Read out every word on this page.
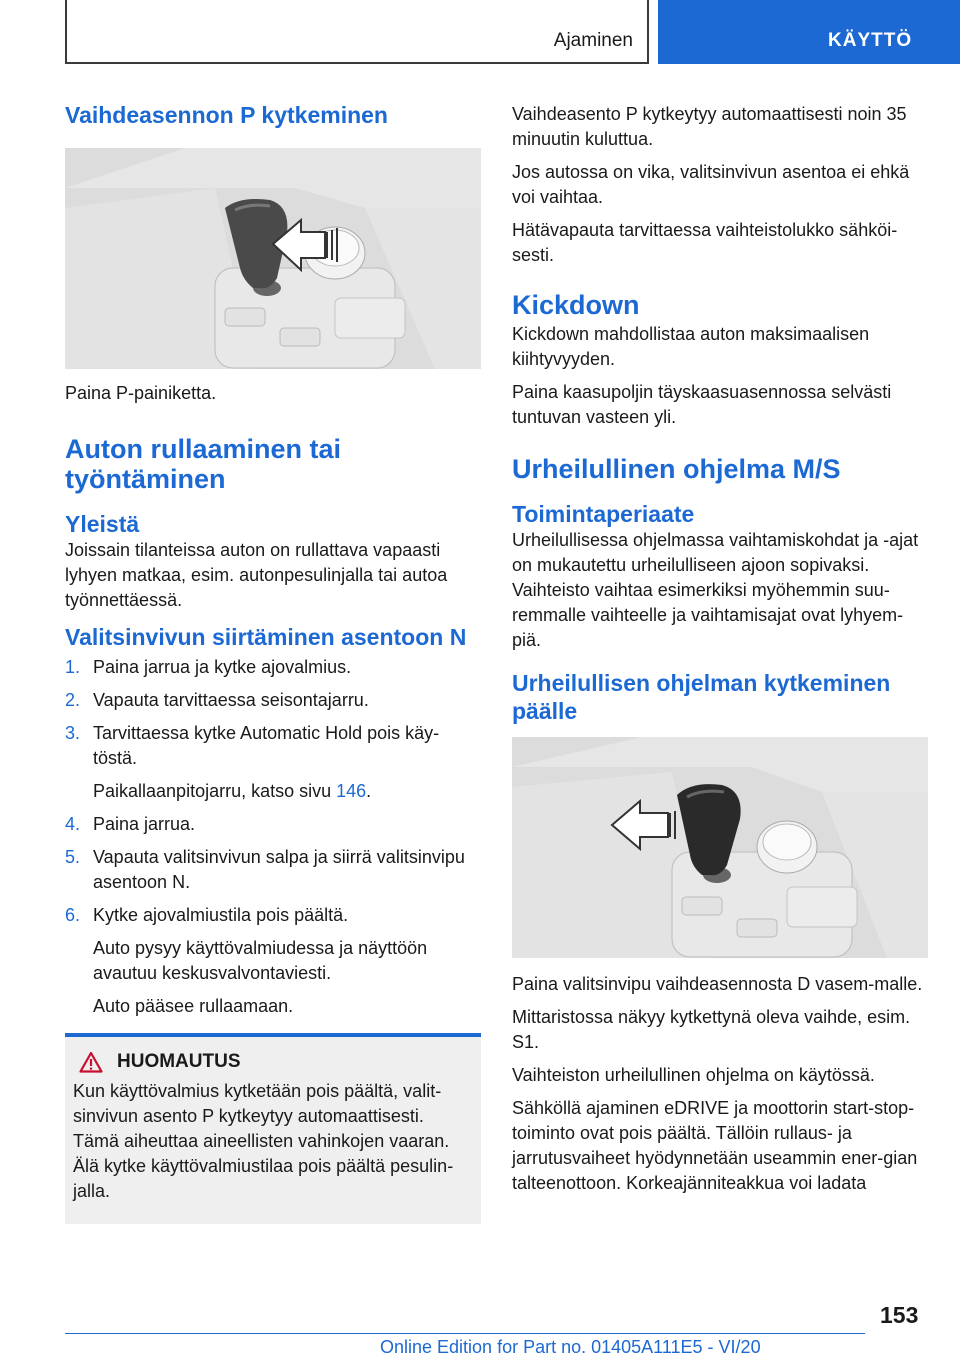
Ajaminen	KÄYTTÖ
Vaihdeasennon P kytkeminen

Paina P-painiketta.

Auton rullaaminen tai työntäminen
Yleistä

Joissain tilanteissa auton on rullattava vapaasti lyhyen matkaa, esim. autonpesulinjalla tai autoa työnnettäessä.

Valitsinvivun siirtäminen asentoon N
1. Paina jarrua ja kytke ajovalmius.
2. Vapauta tarvittaessa seisontajarru.
3. Tarvittaessa kytke Automatic Hold pois käy-töstä.
Paikallaanpitojarru, katso sivu 146.
4. Paina jarrua.
5. Vapauta valitsinvivun salpa ja siirrä valitsinvipu asentoon N.
6. Kytke ajovalmiustila pois päältä.
Auto pysyy käyttövalmiudessa ja näyttöön avautuu keskusvalvontaviesti.
Auto pääsee rullaamaan.
HUOMAUTUS

Kun käyttövalmius kytketään pois päältä, valit-sinvivun asento P kytkeytyy automaattisesti. Tämä aiheuttaa aineellisten vahinkojen vaaran. Älä kytke käyttövalmiustilaa pois päältä pesulin-jalla.

Vaihdeasento P kytkeytyy automaattisesti noin 35 minuutin kuluttua.

Jos autossa on vika, valitsinvivun asentoa ei ehkä voi vaihtaa.

Hätävapauta tarvittaessa vaihteistolukko sähköi-sesti.

Kickdown

Kickdown mahdollistaa auton maksimaalisen kiihtyvyyden.

Paina kaasupoljin täyskaasuasennossa selvästi tuntuvan vasteen yli.

Urheilullinen ohjelma M/S
Toimintaperiaate

Urheilullisessa ohjelmassa vaihtamiskohdat ja -ajat on mukautettu urheilulliseen ajoon sopivaksi. Vaihteisto vaihtaa esimerkiksi myöhemmin suu-remmalle vaihteelle ja vaihtamisajat ovat lyhyem-piä.

Urheilullisen ohjelman kytkeminen päälle

Paina valitsinvipu vaihdeasennosta D vasem-malle.

Mittaristossa näkyy kytkettynä oleva vaihde, esim. S1.

Vaihteiston urheilullinen ohjelma on käytössä.

Sähköllä ajaminen eDRIVE ja moottorin start-stop-toiminto ovat pois päältä. Tällöin rullaus- ja jarrutusvaiheet hyödynnetään useammin ener-gian talteenottoon. Korkeajänniteakkua voi ladata

153
Online Edition for Part no. 01405A111E5 - VI/20
